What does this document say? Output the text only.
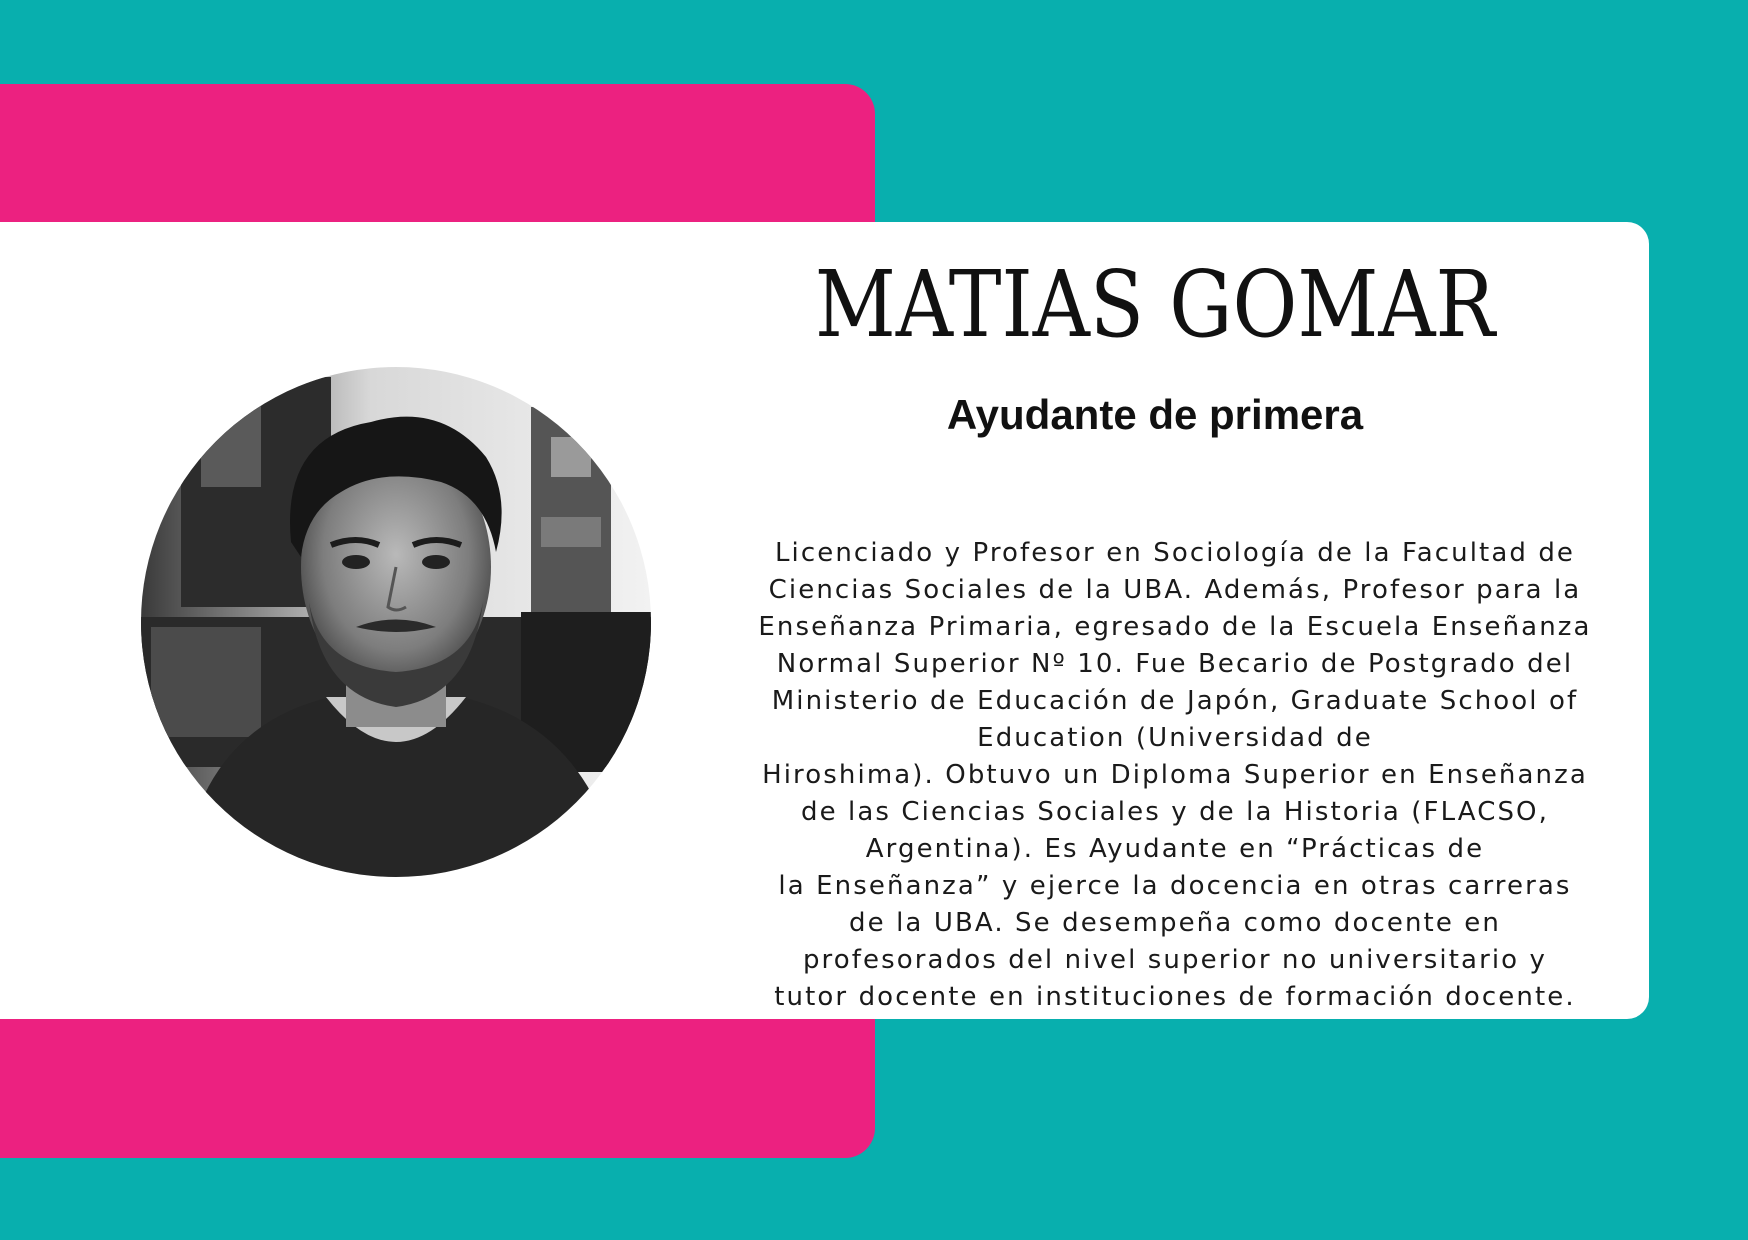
MATIAS GOMAR
Ayudante de primera
Licenciado y Profesor en Sociología de la Facultad de
Ciencias Sociales de la UBA. Además, Profesor para la
Enseñanza Primaria, egresado de la Escuela Enseñanza
Normal Superior Nº 10. Fue Becario de Postgrado del
Ministerio de Educación de Japón, Graduate School of
Education (Universidad de
Hiroshima). Obtuvo un Diploma Superior en Enseñanza
de las Ciencias Sociales y de la Historia (FLACSO,
Argentina). Es Ayudante en “Prácticas de
la Enseñanza” y ejerce la docencia en otras carreras
de la UBA. Se desempeña como docente en
profesorados del nivel superior no universitario y
tutor docente en instituciones de formación docente.
